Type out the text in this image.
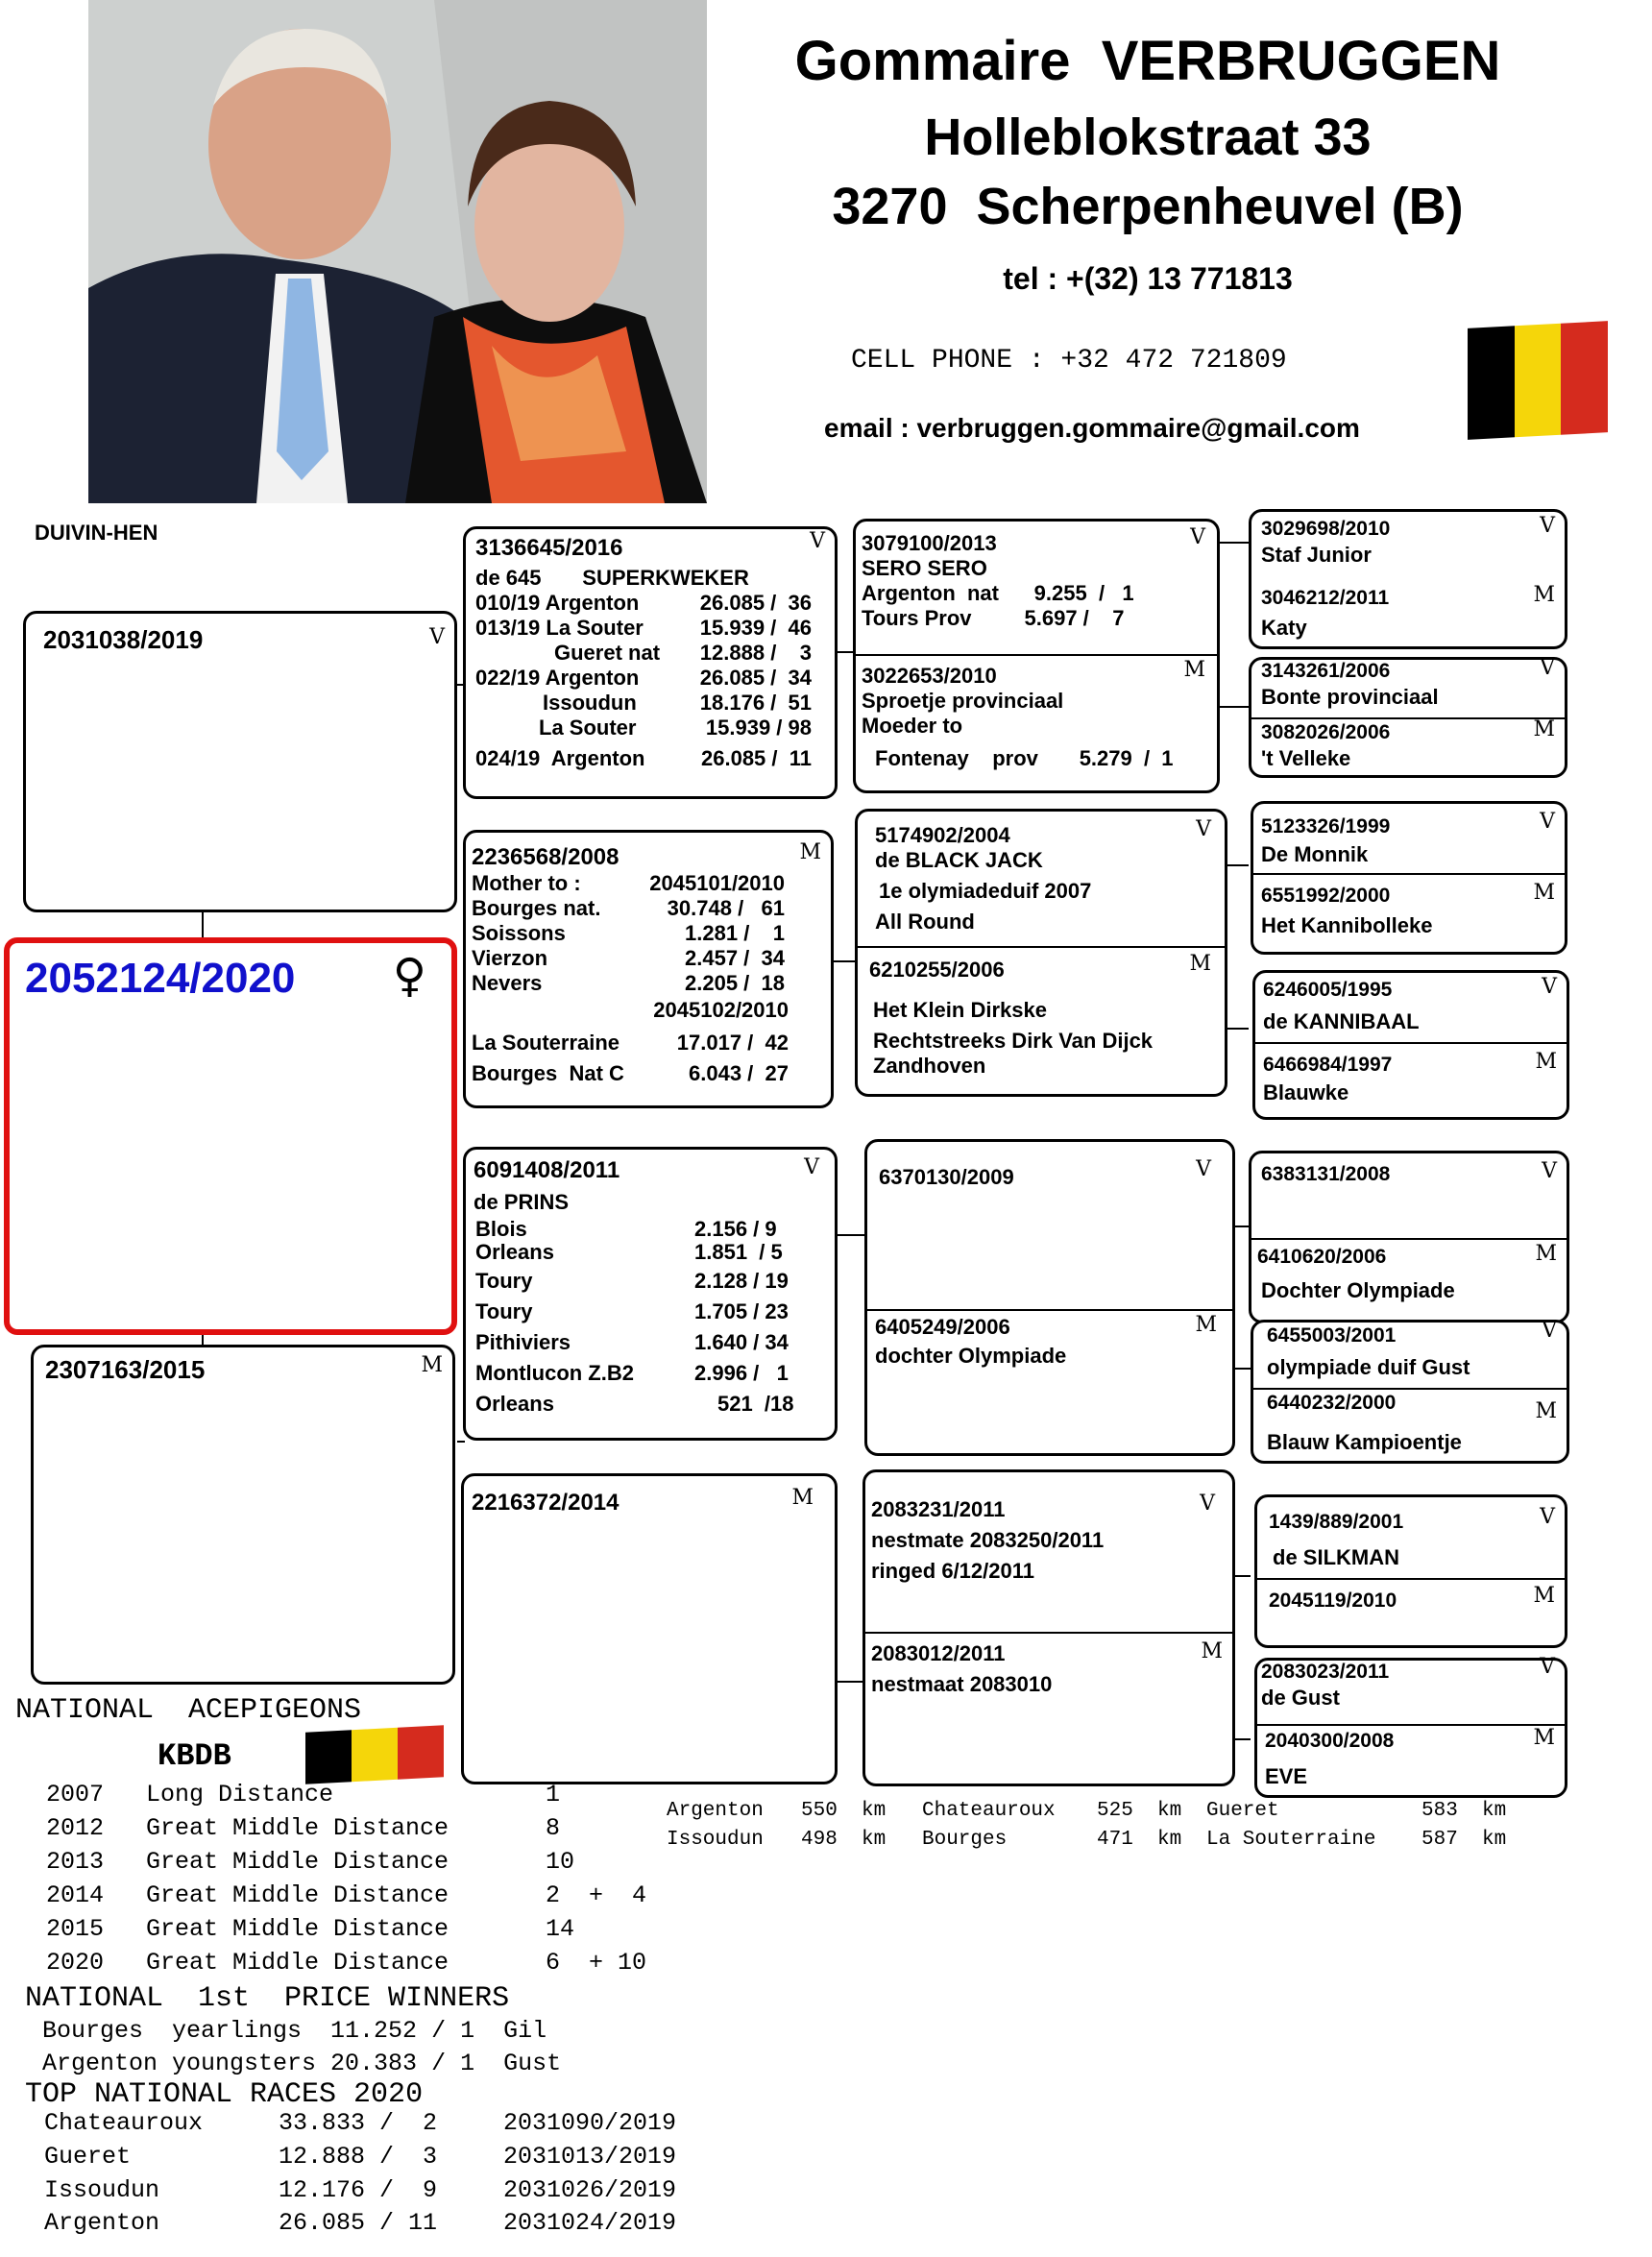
Gommaire  VERBRUGGEN
Holleblokstraat 33
3270  Scherpenheuvel (B)
tel : +(32) 13 771813
CELL PHONE : +32 472 721809
email : verbruggen.gommaire@gmail.com
DUIVIN-HEN
2031038/2019	V
2052124/2020 ♀
2307163/2015	M
3136645/2016	V
de 645       SUPERKWEKER
010/19 Argenton	26.085 /  36
013/19 La Souter	15.939 /  46
Gueret nat 12.888 /    3
022/19 Argenton	26.085 /  34
Issoudun	18.176 /  51
La Souter	15.939 / 98
024/19  Argenton	26.085 /  11
2236568/2008	M
Mother to :	2045101/2010
Bourges nat.	30.748 /   61
Soissons	1.281 /    1
Vierzon	2.457 /  34
Nevers	2.205 /  18
2045102/2010
La Souterraine	17.017 /  42
Bourges  Nat C	6.043 /  27
6091408/2011	V
de PRINS
Blois	2.156 / 9
Orleans	1.851  / 5
Toury	2.128 / 19
Toury	1.705 / 23
Pithiviers	1.640 / 34
Montlucon Z.B2	2.996 /   1
Orleans	521  /18
2216372/2014	M
3079100/2013	V
SERO SERO
Argenton  nat      9.255  /   1
Tours Prov         5.697 /    7
3022653/2010	M
Sproetje provinciaal
Moeder to
Fontenay    prov       5.279  /  1
5174902/2004	V
de BLACK JACK
1e olymiadeduif 2007
All Round
6210255/2006	M
Het Klein Dirkske
Rechtstreeks Dirk Van Dijck
Zandhoven
6370130/2009	V
6405249/2006	M
dochter Olympiade
2083231/2011	V
nestmate 2083250/2011
ringed 6/12/2011
2083012/2011	M
nestmaat 2083010
3029698/2010	V
Staf Junior
3046212/2011	M
Katy
3143261/2006	V
Bonte provinciaal
3082026/2006	M
't Velleke
5123326/1999	V
De Monnik
6551992/2000	M
Het Kannibolleke
6246005/1995	V
de KANNIBAAL
6466984/1997	M
Blauwke
6383131/2008	V
6410620/2006	M
Dochter Olympiade
6455003/2001	V
olympiade duif Gust
6440232/2000	M
Blauw Kampioentje
1439/889/2001	V
de SILKMAN
2045119/2010	M
2083023/2011	V
de Gust
2040300/2008	M
EVE
Argenton 550  km Chateauroux 525  km Gueret	583  km
Issoudun 498  km Bourges	471  km La Souterraine 587  km
NATIONAL  ACEPIGEONS
KBDB
2007 Long Distance	1
2012 Great Middle Distance	8
2013 Great Middle Distance	10
2014 Great Middle Distance	2  +  4
2015 Great Middle Distance	14
2020 Great Middle Distance	6  + 10
NATIONAL  1st  PRICE WINNERS
Bourges  yearlings  11.252 / 1  Gil
Argenton youngsters 20.383 / 1  Gust
TOP NATIONAL RACES 2020
Chateauroux	33.833 /  2	2031090/2019
Gueret	12.888 /  3	2031013/2019
Issoudun	12.176 /  9	2031026/2019
Argenton	26.085 / 11	2031024/2019
